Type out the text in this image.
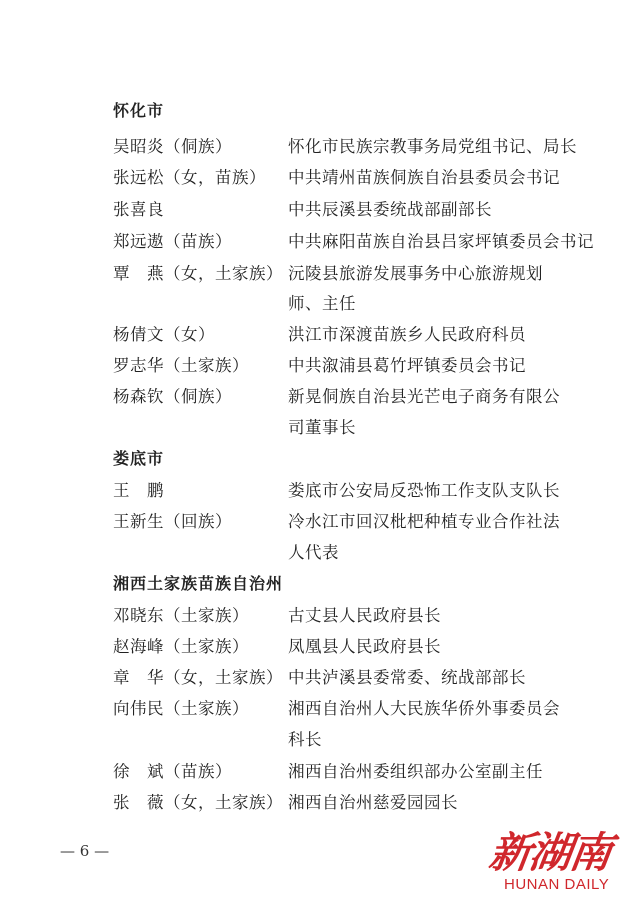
怀化市
吴昭炎（侗族）	怀化市民族宗教事务局党组书记、局长
张远松（女，苗族） 中共靖州苗族侗族自治县委员会书记
张喜良	中共辰溪县委统战部副部长
郑远遨（苗族）	中共麻阳苗族自治县吕家坪镇委员会书记
覃　燕（女，土家族） 沅陵县旅游发展事务中心旅游规划
师、主任
杨倩文（女）	洪江市深渡苗族乡人民政府科员
罗志华（土家族） 中共溆浦县葛竹坪镇委员会书记
杨森钦（侗族）	新晃侗族自治县光芒电子商务有限公
司董事长
娄底市
王　鹏	娄底市公安局反恐怖工作支队支队长
王新生（回族）	冷水江市回汉枇杷种植专业合作社法
人代表
湘西土家族苗族自治州
邓晓东（土家族） 古丈县人民政府县长
赵海峰（土家族） 凤凰县人民政府县长
章　华（女，土家族） 中共泸溪县委常委、统战部部长
向伟民（土家族） 湘西自治州人大民族华侨外事委员会
科长
徐　斌（苗族）	湘西自治州委组织部办公室副主任
张　薇（女，土家族） 湘西自治州慈爱园园长
— 6 —	新湖南
HUNAN DAILY
